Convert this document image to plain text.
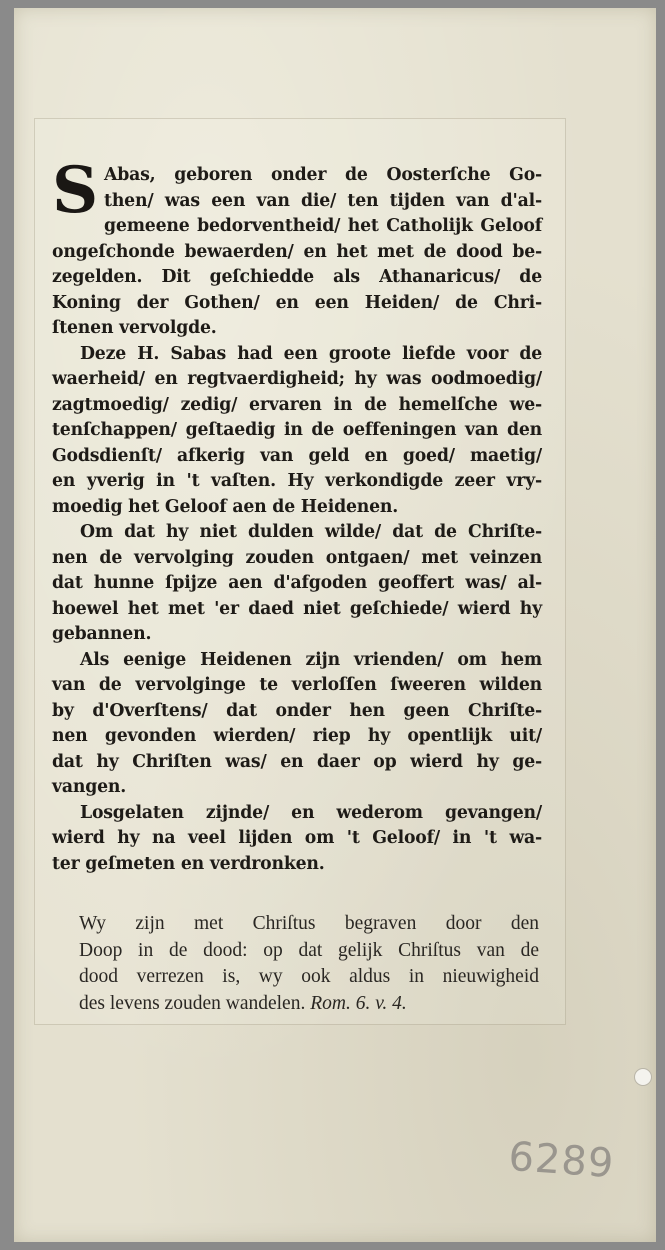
S Abas, geboren onder de Oosterſche Go-
then/ was een van die/ ten tijden van d'al-
gemeene bedorventheid/ het Catholijk Geloof
ongeſchonde bewaerden/ en het met de dood be-
zegelden. Dit geſchiedde als Athanaricus/ de
Koning der Gothen/ en een Heiden/ de Chri-
ſtenen vervolgde.

Deze H. Sabas had een groote liefde voor de
waerheid/ en regtvaerdigheid; hy was oodmoedig/
zagtmoedig/ zedig/ ervaren in de hemelſche we-
tenſchappen/ geſtaedig in de oeffeningen van den
Godsdienſt/ afkerig van geld en goed/ maetig/
en yverig in 't vaſten. Hy verkondigde zeer vry-
moedig het Geloof aen de Heidenen.

Om dat hy niet dulden wilde/ dat de Chriſte-
nen de vervolging zouden ontgaen/ met veinzen
dat hunne ſpijze aen d'afgoden geoffert was/ al-
hoewel het met 'er daed niet geſchiede/ wierd hy
gebannen.

Als eenige Heidenen zijn vrienden/ om hem
van de vervolginge te verloſſen ſweeren wilden
by d'Overſtens/ dat onder hen geen Chriſte-
nen gevonden wierden/ riep hy opentlijk uit/
dat hy Chriſten was/ en daer op wierd hy ge-
vangen.

Losgelaten zijnde/ en wederom gevangen/
wierd hy na veel lijden om 't Geloof/ in 't wa-
ter geſmeten en verdronken.

Wy zijn met Chriſtus begraven door den
Doop in de dood: op dat gelijk Chriſtus van de
dood verrezen is, wy ook aldus in nieuwigheid
des levens zouden wandelen. Rom. 6. v. 4.
6289
